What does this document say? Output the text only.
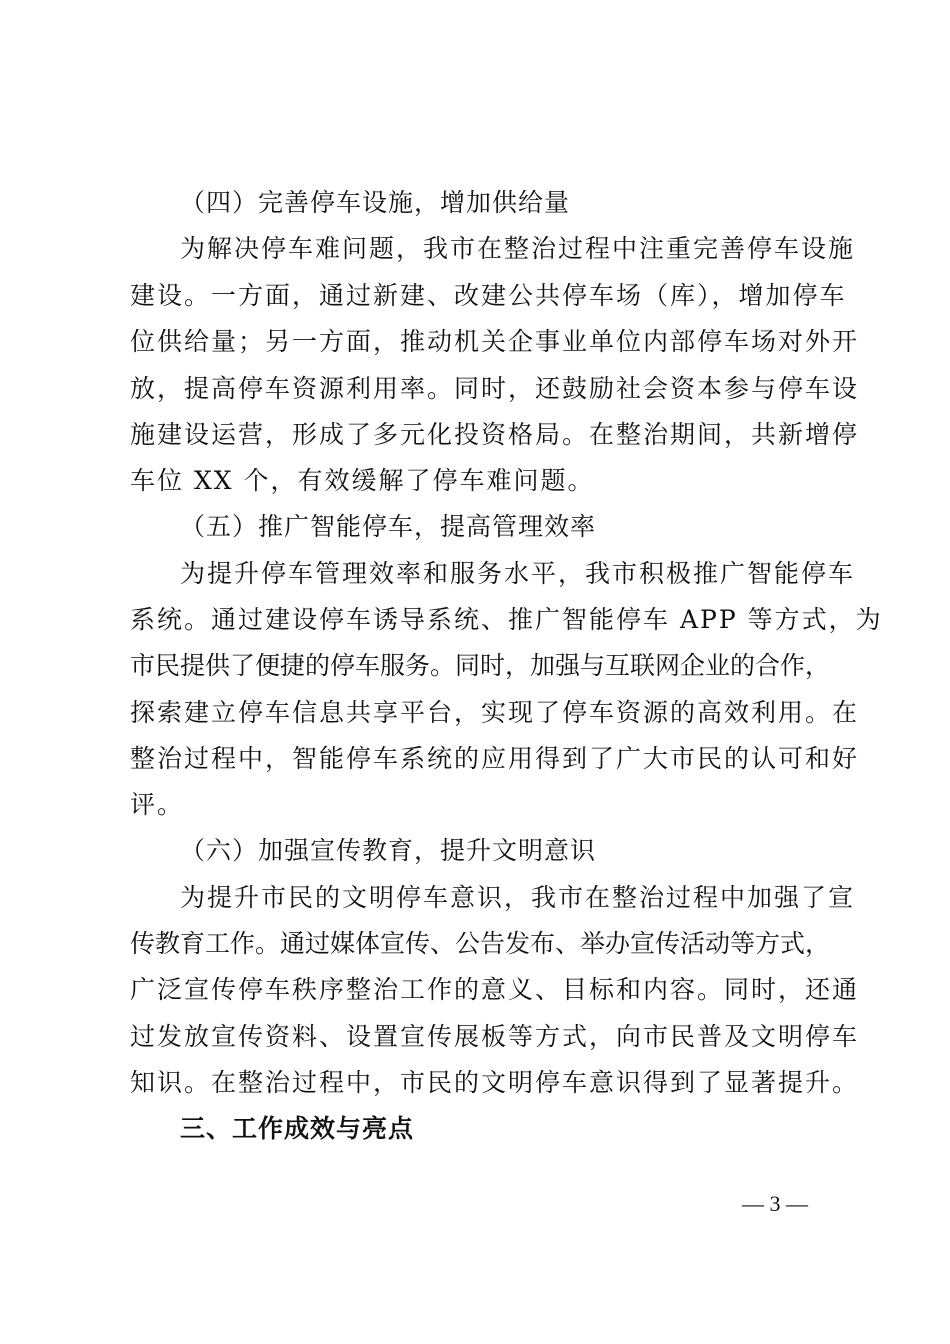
（四）完善停车设施，增加供给量
为解决停车难问题，我市在整治过程中注重完善停车设施
建设。一方面，通过新建、改建公共停车场（库），增加停车
位供给量；另一方面，推动机关企事业单位内部停车场对外开
放，提高停车资源利用率。同时，还鼓励社会资本参与停车设
施建设运营，形成了多元化投资格局。在整治期间，共新增停
车位 XX 个，有效缓解了停车难问题。
（五）推广智能停车，提高管理效率
为提升停车管理效率和服务水平，我市积极推广智能停车
系统。通过建设停车诱导系统、推广智能停车 APP 等方式，为
市民提供了便捷的停车服务。同时，加强与互联网企业的合作，
探索建立停车信息共享平台，实现了停车资源的高效利用。在
整治过程中，智能停车系统的应用得到了广大市民的认可和好
评。
（六）加强宣传教育，提升文明意识
为提升市民的文明停车意识，我市在整治过程中加强了宣
传教育工作。通过媒体宣传、公告发布、举办宣传活动等方式，
广泛宣传停车秩序整治工作的意义、目标和内容。同时，还通
过发放宣传资料、设置宣传展板等方式，向市民普及文明停车
知识。在整治过程中，市民的文明停车意识得到了显著提升。
三、工作成效与亮点
— 3 —
